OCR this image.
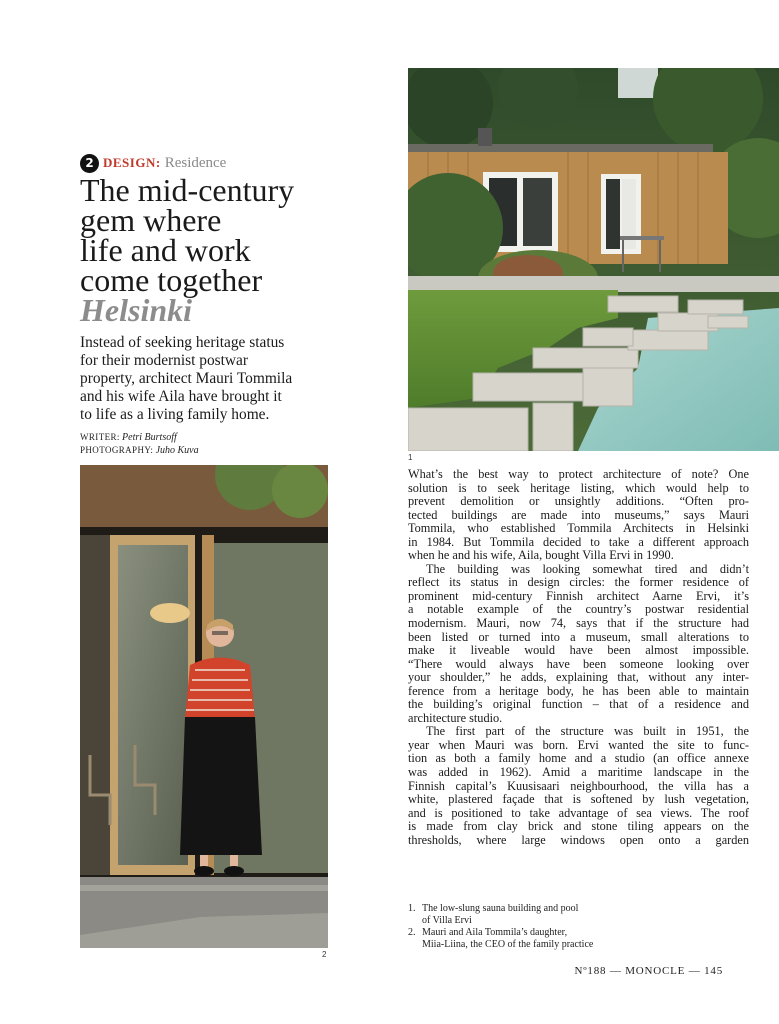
2 DESIGN: Residence
The mid-century
gem where
life and work
come together
Helsinki
Instead of seeking heritage status
for their modernist postwar
property, architect Mauri Tommila
and his wife Aila have brought it
to life as a living family home.
WRITER: Petri Burtsoff
PHOTOGRAPHY: Juho Kuva
1
2
What’s the best way to protect architecture of note? One
solution is to seek heritage listing, which would help to
prevent demolition or unsightly additions. “Often pro-
tected buildings are made into museums,” says Mauri
Tommila, who established Tommila Architects in Helsinki
in 1984. But Tommila decided to take a different approach
when he and his wife, Aila, bought Villa Ervi in 1990.
The building was looking somewhat tired and didn’t
reflect its status in design circles: the former residence of
prominent mid-century Finnish architect Aarne Ervi, it’s
a notable example of the country’s postwar residential
modernism. Mauri, now 74, says that if the structure had
been listed or turned into a museum, small alterations to
make it liveable would have been almost impossible.
“There would always have been someone looking over
your shoulder,” he adds, explaining that, without any inter-
ference from a heritage body, he has been able to maintain
the building’s original function – that of a residence and
architecture studio.
The first part of the structure was built in 1951, the
year when Mauri was born. Ervi wanted the site to func-
tion as both a family home and a studio (an office annexe
was added in 1962). Amid a maritime landscape in the
Finnish capital’s Kuusisaari neighbourhood, the villa has a
white, plastered façade that is softened by lush vegetation,
and is positioned to take advantage of sea views. The roof
is made from clay brick and stone tiling appears on the
thresholds, where large windows open onto a garden
1. The low-slung sauna building and pool
of Villa Ervi
2. Mauri and Aila Tommila’s daughter,
Miia-Liina, the CEO of the family practice
Nº188 — MONOCLE — 145
